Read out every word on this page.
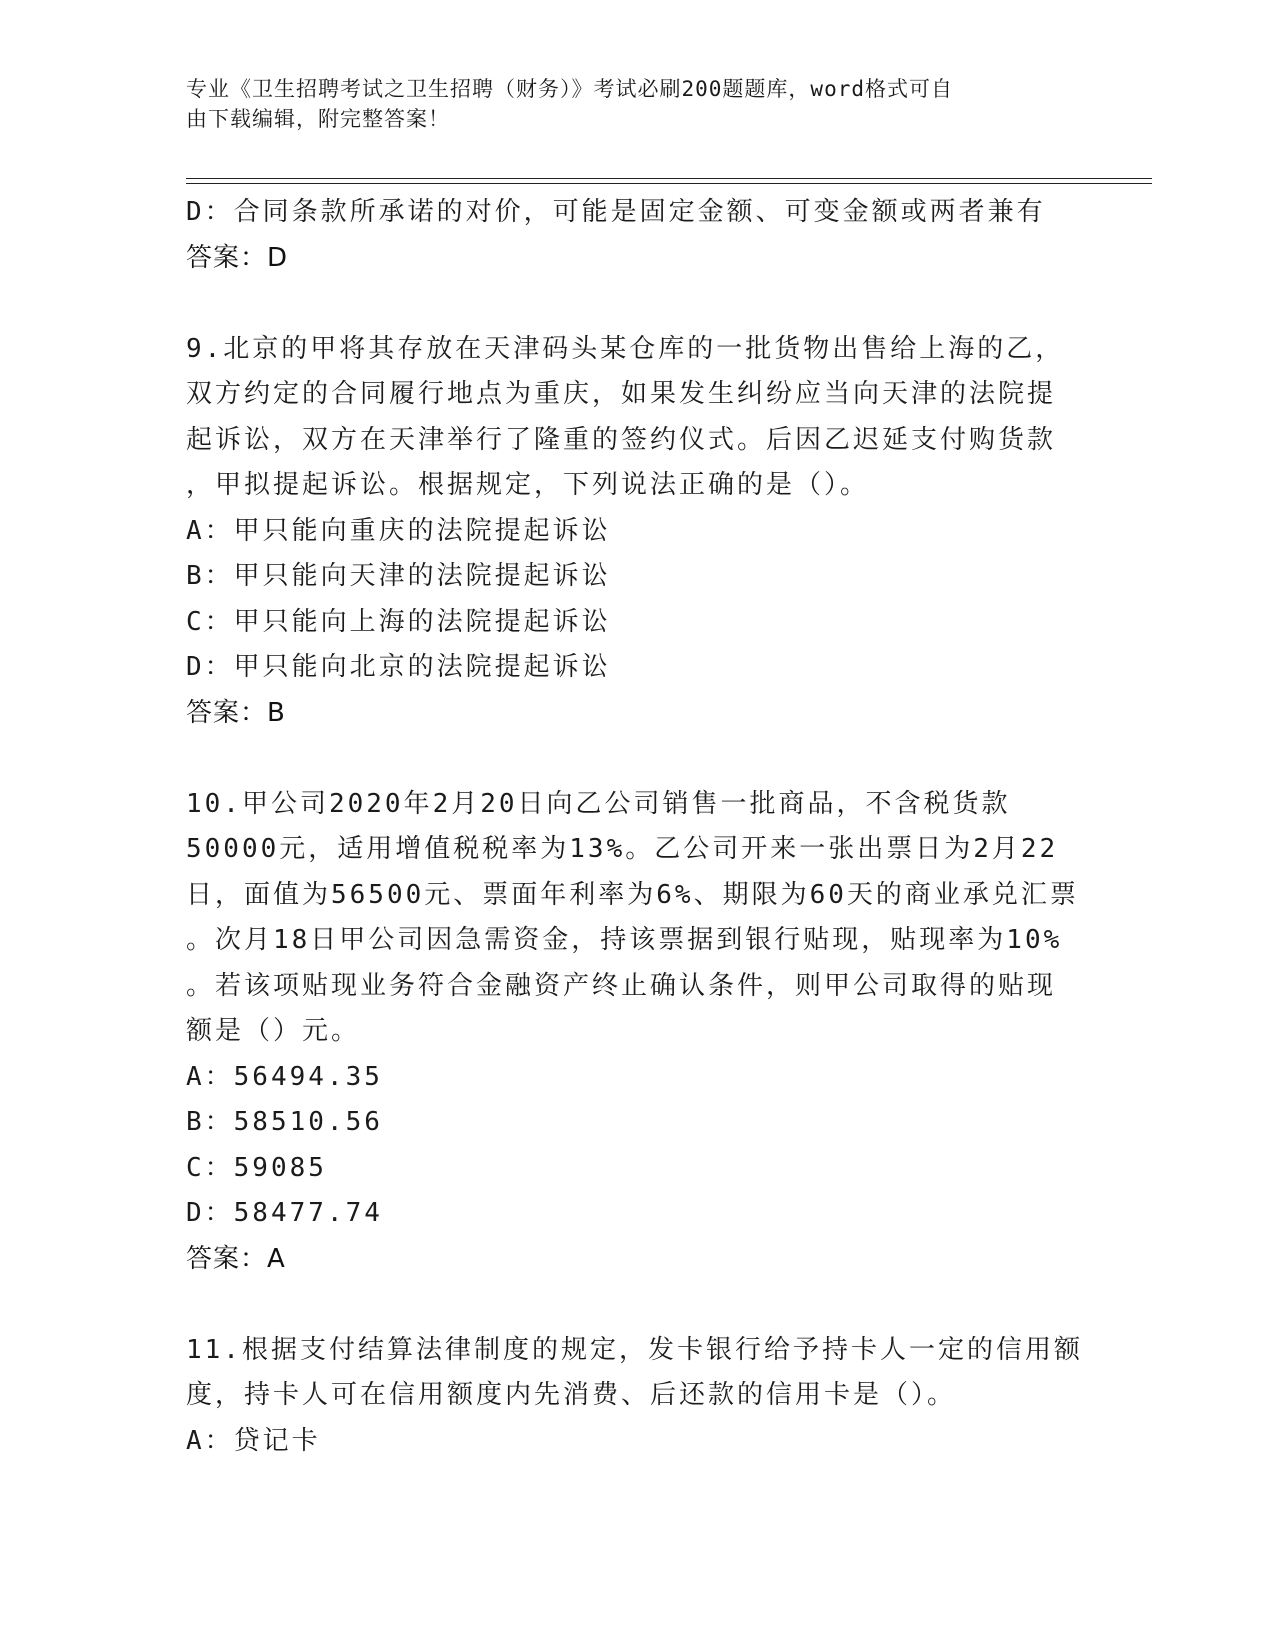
专业《卫生招聘考试之卫生招聘（财务）》考试必刷200题题库，word格式可自
由下载编辑，附完整答案！
D：合同条款所承诺的对价，可能是固定金额、可变金额或两者兼有
答案：D
9.北京的甲将其存放在天津码头某仓库的一批货物出售给上海的乙，
双方约定的合同履行地点为重庆，如果发生纠纷应当向天津的法院提
起诉讼，双方在天津举行了隆重的签约仪式。后因乙迟延支付购货款
，甲拟提起诉讼。根据规定，下列说法正确的是（）。
A：甲只能向重庆的法院提起诉讼
B：甲只能向天津的法院提起诉讼
C：甲只能向上海的法院提起诉讼
D：甲只能向北京的法院提起诉讼
答案：B
10.甲公司2020年2月20日向乙公司销售一批商品，不含税货款
50000元，适用增值税税率为13%。乙公司开来一张出票日为2月22
日，面值为56500元、票面年利率为6%、期限为60天的商业承兑汇票
。次月18日甲公司因急需资金，持该票据到银行贴现，贴现率为10%
。若该项贴现业务符合金融资产终止确认条件，则甲公司取得的贴现
额是（）元。
A：56494.35
B：58510.56
C：59085
D：58477.74
答案：A
11.根据支付结算法律制度的规定，发卡银行给予持卡人一定的信用额
度，持卡人可在信用额度内先消费、后还款的信用卡是（）。
A：贷记卡
